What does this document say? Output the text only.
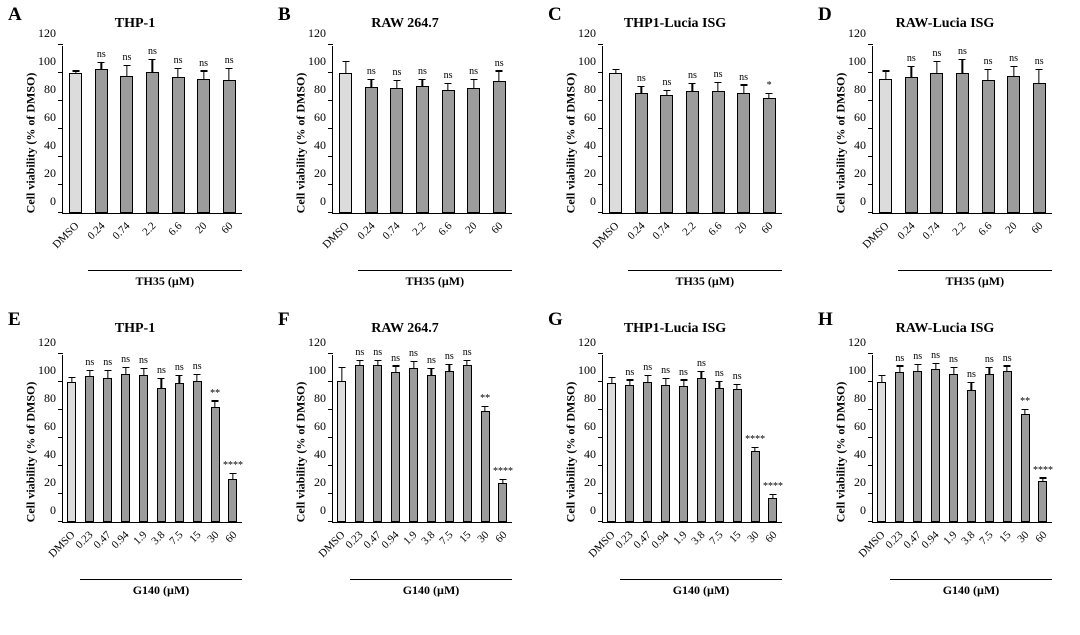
A	THP-1
Cell viability (% of DMSO) 0
20
40
60
80
100
120
ns ns
ns
ns ns ns
DMSO 0.24 0.74 2.2 6.6 20 60
TH35 (µM)
B	RAW 264.7
Cell viability (% of DMSO) 0
20
40
60
80
100
120
ns ns ns ns ns
ns
DMSO 0.24 0.74 2.2 6.6 20 60
TH35 (µM)
C	THP1-Lucia ISG
Cell viability (% of DMSO) 0
20
40
60
80
100
120
ns ns
ns ns ns
*
DMSO 0.24 0.74 2.2 6.6 20 60
TH35 (µM)
D	RAW-Lucia ISG
Cell viability (% of DMSO) 0
20
40
60
80
100
120
ns
ns ns
ns ns ns
DMSO 0.24 0.74 2.2 6.6 20 60
TH35 (µM)
E	THP-1
Cell viability (% of DMSO) 0
20
40
60
80
100
120
ns ns ns ns
ns ns ns
**
****
DMSO
0.23
0.47
0.94 1.9 3.8 7.5 15 30 60
G140 (µM)
F	RAW 264.7
Cell viability (% of DMSO) 0
20
40
60
80
100
120
ns ns
ns ns
ns ns ns
**
****
DMSO
0.23
0.47
0.94 1.9 3.8 7.5 15 30 60
G140 (µM)
G	THP1-Lucia ISG
Cell viability (% of DMSO) 0
20
40
60
80
100
120
ns ns ns ns
ns
ns ns
****
****
DMSO
0.23
0.47
0.94 1.9 3.8 7.5 15 30 60
G140 (µM)
H	RAW-Lucia ISG
Cell viability (% of DMSO) 0
20
40
60
80
100
120
ns ns ns ns
ns
ns ns
**
****
DMSO
0.23
0.47
0.94 1.9 3.8 7.5 15 30 60
G140 (µM)
